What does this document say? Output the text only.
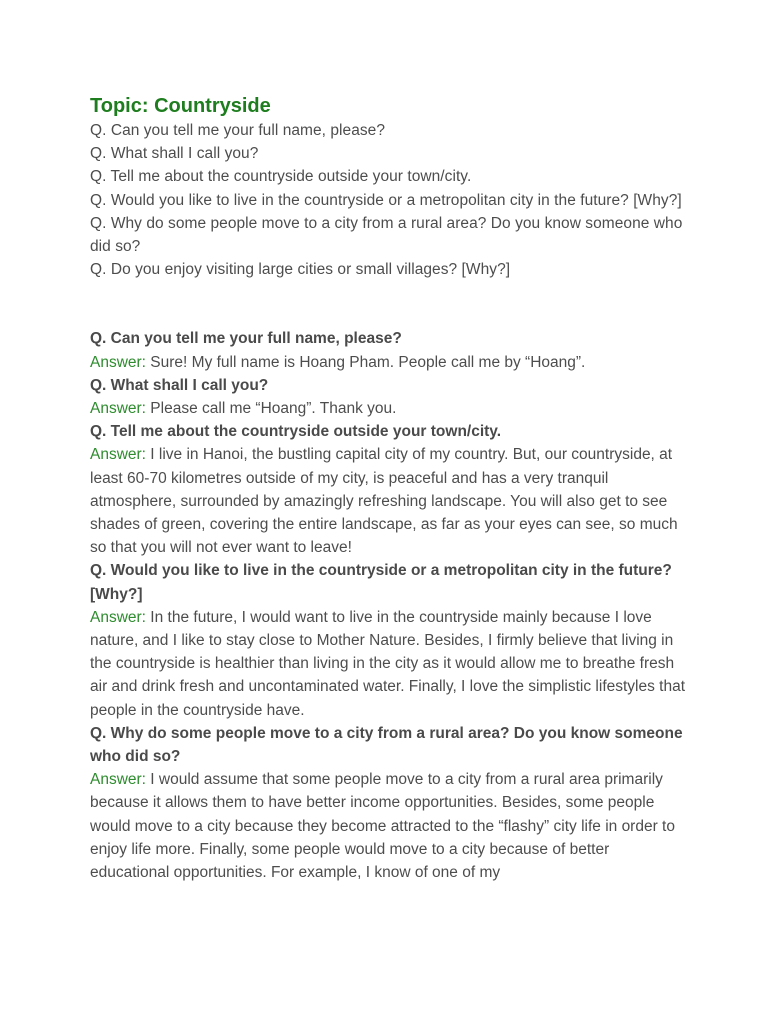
Topic: Countryside
Q. Can you tell me your full name, please?
Q. What shall I call you?
Q. Tell me about the countryside outside your town/city.
Q. Would you like to live in the countryside or a metropolitan city in the future? [Why?]
Q. Why do some people move to a city from a rural area? Do you know someone who did so?
Q. Do you enjoy visiting large cities or small villages? [Why?]
Q. Can you tell me your full name, please?
Answer: Sure! My full name is Hoang Pham. People call me by “Hoang”.
Q. What shall I call you?
Answer: Please call me “Hoang”. Thank you.
Q. Tell me about the countryside outside your town/city.
Answer: I live in Hanoi, the bustling capital city of my country. But, our countryside, at least 60-70 kilometres outside of my city, is peaceful and has a very tranquil atmosphere, surrounded by amazingly refreshing landscape. You will also get to see shades of green, covering the entire landscape, as far as your eyes can see, so much so that you will not ever want to leave!
Q. Would you like to live in the countryside or a metropolitan city in the future? [Why?]
Answer: In the future, I would want to live in the countryside mainly because I love nature, and I like to stay close to Mother Nature. Besides, I firmly believe that living in the countryside is healthier than living in the city as it would allow me to breathe fresh air and drink fresh and uncontaminated water. Finally, I love the simplistic lifestyles that people in the countryside have.
Q. Why do some people move to a city from a rural area? Do you know someone who did so?
Answer: I would assume that some people move to a city from a rural area primarily because it allows them to have better income opportunities. Besides, some people would move to a city because they become attracted to the “flashy” city life in order to enjoy life more. Finally, some people would move to a city because of better educational opportunities. For example, I know of one of my
